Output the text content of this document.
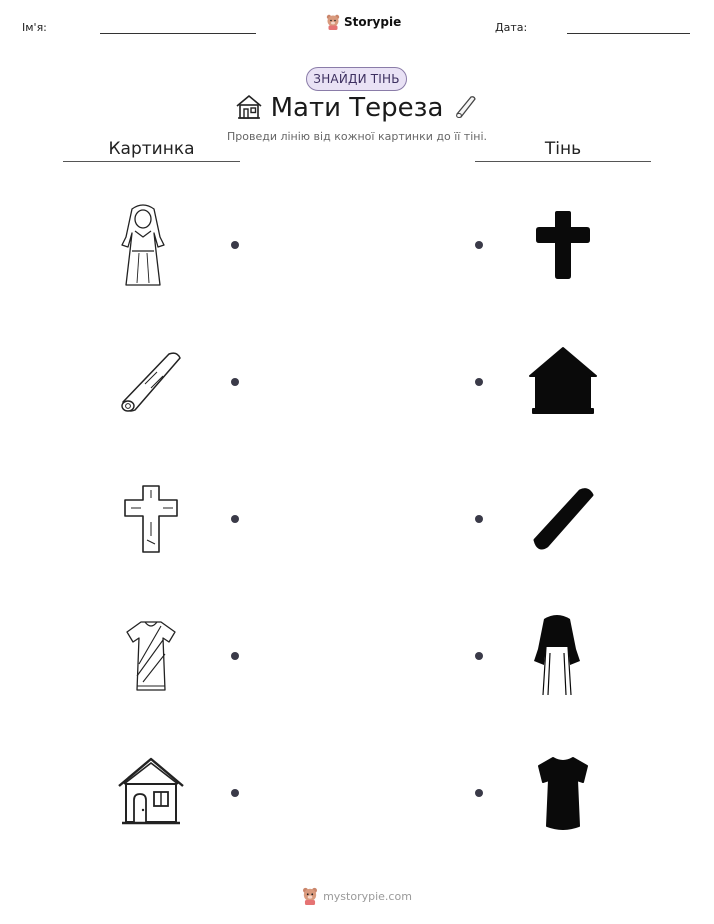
Ім'я:	Storypie	Дата:
ЗНАЙДИ ТІНЬ
Мати Тереза
Проведи лінію від кожної картинки до її тіні.
Картинка	Тінь
mystorypie.com
